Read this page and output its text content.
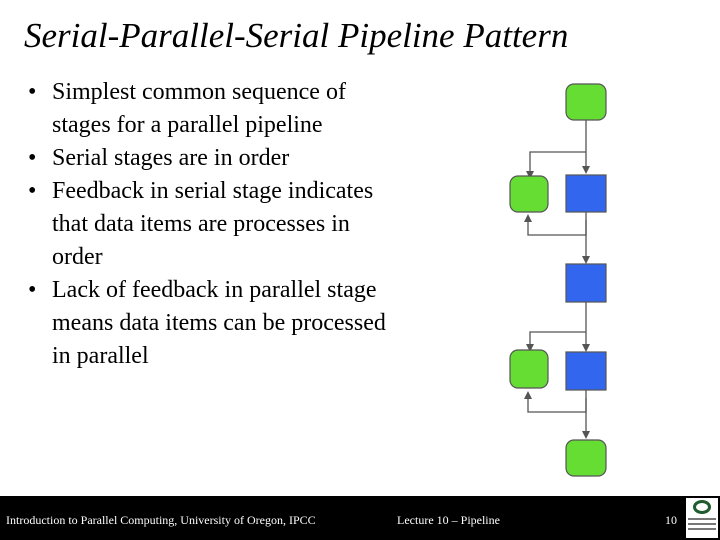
Serial-Parallel-Serial Pipeline Pattern
• Simplest common sequence of stages for a parallel pipeline
• Serial stages are in order
• Feedback in serial stage indicates that data items are processes in order
• Lack of feedback in parallel stage means data items can be processed in parallel
Introduction to Parallel Computing, University of Oregon, IPCC	Lecture 10 – Pipeline	10
